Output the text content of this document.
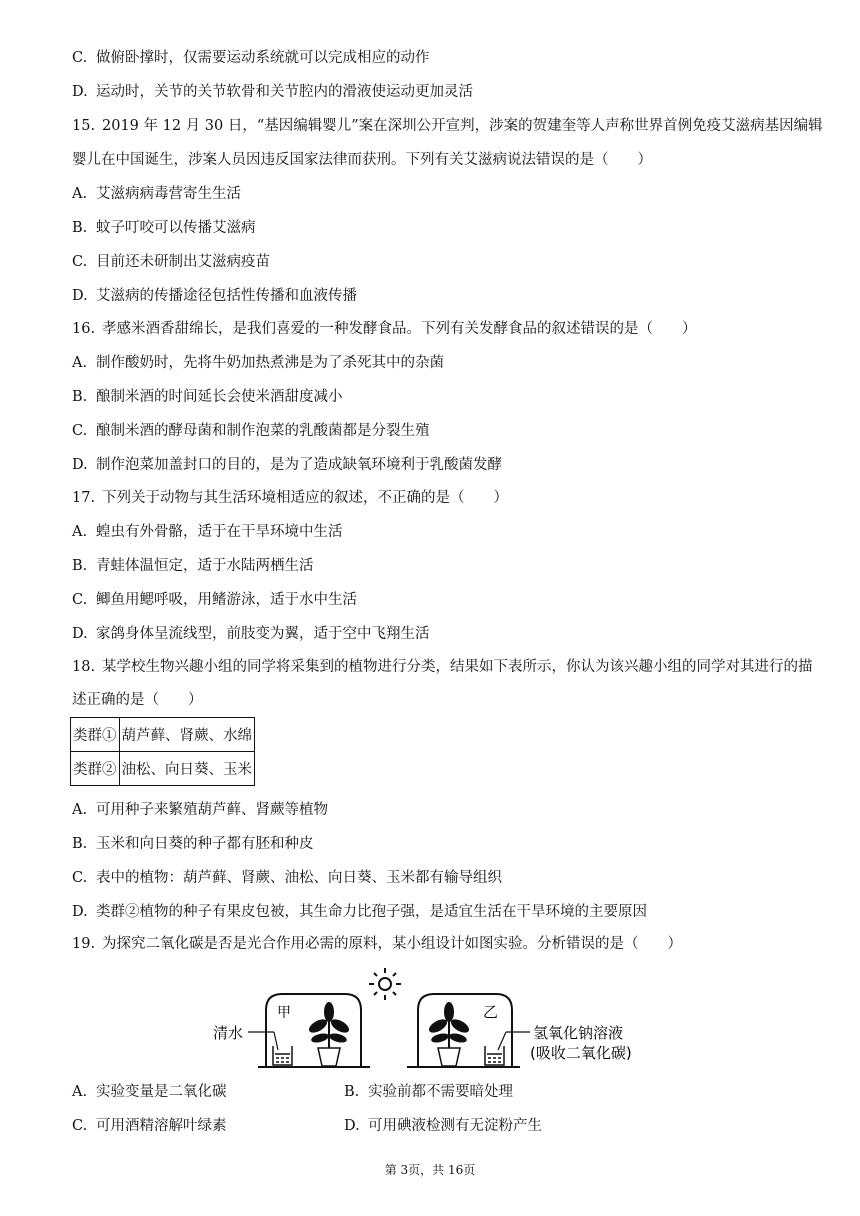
C. 做俯卧撑时，仅需要运动系统就可以完成相应的动作
D. 运动时，关节的关节软骨和关节腔内的滑液使运动更加灵活
15. 2019 年 12 月 30 日，“基因编辑婴儿”案在深圳公开宣判，涉案的贺建奎等人声称世界首例免疫艾滋病基因编辑
婴儿在中国诞生，涉案人员因违反国家法律而获刑。下列有关艾滋病说法错误的是（　　）
A. 艾滋病病毒营寄生生活
B. 蚊子叮咬可以传播艾滋病
C. 目前还未研制出艾滋病疫苗
D. 艾滋病的传播途径包括性传播和血液传播
16. 孝感米酒香甜绵长，是我们喜爱的一种发酵食品。下列有关发酵食品的叙述错误的是（　　）
A. 制作酸奶时，先将牛奶加热煮沸是为了杀死其中的杂菌
B. 酿制米酒的时间延长会使米酒甜度减小
C. 酿制米酒的酵母菌和制作泡菜的乳酸菌都是分裂生殖
D. 制作泡菜加盖封口的目的，是为了造成缺氧环境利于乳酸菌发酵
17. 下列关于动物与其生活环境相适应的叙述，不正确的是（　　）
A. 蝗虫有外骨骼，适于在干旱环境中生活
B. 青蛙体温恒定，适于水陆两栖生活
C. 鲫鱼用鳃呼吸，用鳍游泳，适于水中生活
D. 家鸽身体呈流线型，前肢变为翼，适于空中飞翔生活
18. 某学校生物兴趣小组的同学将采集到的植物进行分类，结果如下表所示，你认为该兴趣小组的同学对其进行的描
述正确的是（　　）
类群①	葫芦藓、肾蕨、水绵
类群②	油松、向日葵、玉米
A. 可用种子来繁殖葫芦藓、肾蕨等植物
B. 玉米和向日葵的种子都有胚和种皮
C. 表中的植物：葫芦藓、肾蕨、油松、向日葵、玉米都有输导组织
D. 类群②植物的种子有果皮包被，其生命力比孢子强，是适宜生活在干旱环境的主要原因
19. 为探究二氧化碳是否是光合作用必需的原料，某小组设计如图实验。分析错误的是（　　）
甲
清水
乙
氢氧化钠溶液
(吸收二氧化碳)
A. 实验变量是二氧化碳	B. 实验前都不需要暗处理
C. 可用酒精溶解叶绿素	D. 可用碘液检测有无淀粉产生
第 3页，共 16页
